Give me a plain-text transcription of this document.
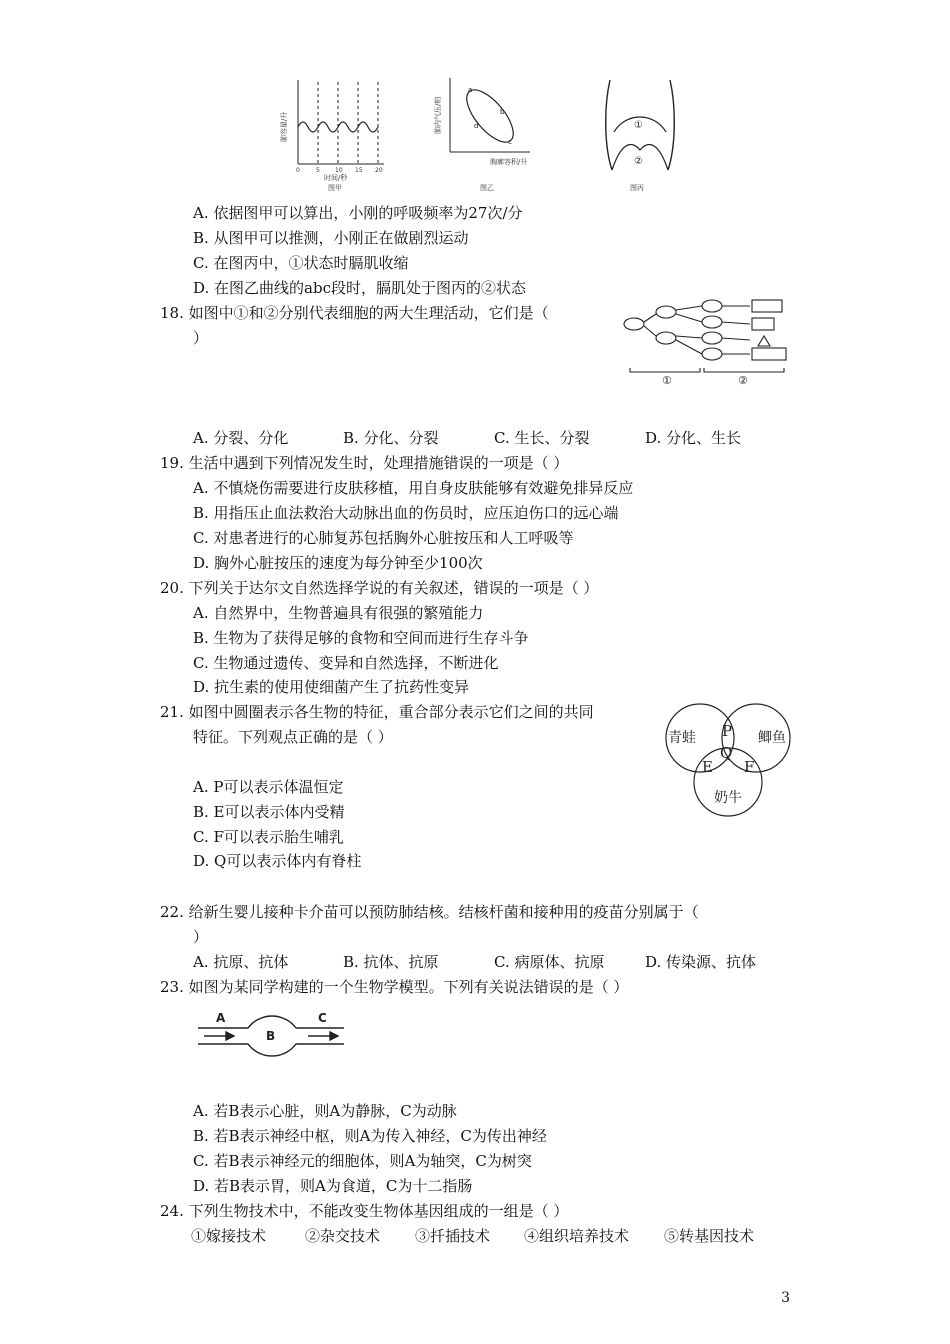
0	5	10 15 20
肺容量/升
时间/秒
图甲
a
b
c
d
肺内气压/帕
胸廓容积/升
图乙
①
②
图丙
A. 依据图甲可以算出，小刚的呼吸频率为27次/分
B. 从图甲可以推测，小刚正在做剧烈运动
C. 在图丙中，①状态时膈肌收缩
D. 在图乙曲线的abc段时，膈肌处于图丙的②状态
18. 如图中①和②分别代表细胞的两大生理活动，它们是（
）
①	②
A. 分裂、分化	B. 分化、分裂	C. 生长、分裂	D. 分化、生长
19. 生活中遇到下列情况发生时，处理措施错误的一项是（ ）
A. 不慎烧伤需要进行皮肤移植，用自身皮肤能够有效避免排异反应
B. 用指压止血法救治大动脉出血的伤员时，应压迫伤口的远心端
C. 对患者进行的心肺复苏包括胸外心脏按压和人工呼吸等
D. 胸外心脏按压的速度为每分钟至少100次
20. 下列关于达尔文自然选择学说的有关叙述，错误的一项是（ ）
A. 自然界中，生物普遍具有很强的繁殖能力
B. 生物为了获得足够的食物和空间而进行生存斗争
C. 生物通过遗传、变异和自然选择，不断进化
D. 抗生素的使用使细菌产生了抗药性变异
21. 如图中圆圈表示各生物的特征，重合部分表示它们之间的共同
特征。下列观点正确的是（ ）	青蛙	鲫鱼
奶牛
P
Q
E F
A. P可以表示体温恒定
B. E可以表示体内受精
C. F可以表示胎生哺乳
D. Q可以表示体内有脊柱
22. 给新生婴儿接种卡介苗可以预防肺结核。结核杆菌和接种用的疫苗分别属于（
）
A. 抗原、抗体	B. 抗体、抗原	C. 病原体、抗原	D. 传染源、抗体
23. 如图为某同学构建的一个生物学模型。下列有关说法错误的是（ ）
A
B
C
A. 若B表示心脏，则A为静脉，C为动脉
B. 若B表示神经中枢，则A为传入神经，C为传出神经
C. 若B表示神经元的细胞体，则A为轴突，C为树突
D. 若B表示胃，则A为食道，C为十二指肠
24. 下列生物技术中，不能改变生物体基因组成的一组是（ ）
①嫁接技术	②杂交技术 ③扦插技术 ④组织培养技术 ⑤转基因技术
3
